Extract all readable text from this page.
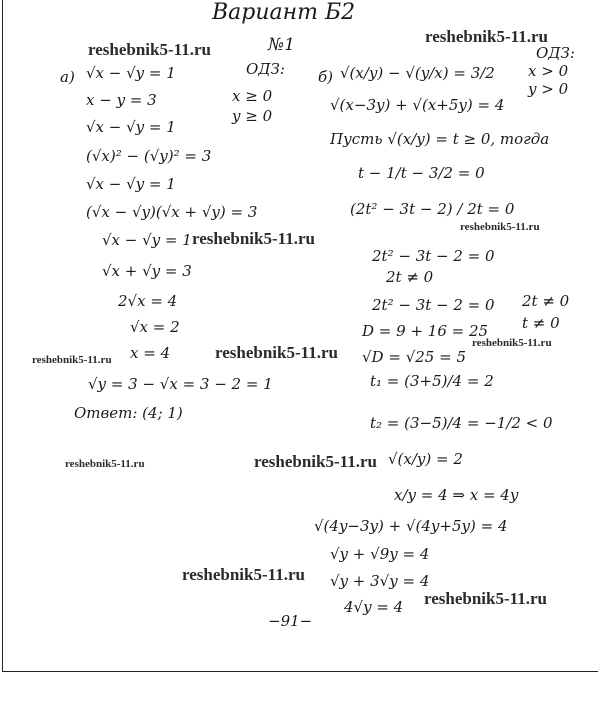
Вариант Б2
№1	reshebnik5-11.ru
reshebnik5-11.ru
reshebnik5-11.ru
reshebnik5-11.ru
reshebnik5-11.ru	reshebnik5-11.ru
reshebnik5-11.ru
reshebnik5-11.ru	reshebnik5-11.ru
reshebnik5-11.ru
reshebnik5-11.ru
а) √x − √y = 1
x − y = 3
√x − √y = 1
(√x)² − (√y)² = 3
√x − √y = 1
(√x − √y)(√x + √y) = 3
√x − √y = 1
√x + √y = 3
2√x = 4
√x = 2
x = 4
√y = 3 − √x = 3 − 2 = 1
Ответ: (4; 1)
ОДЗ:
x ≥ 0
y ≥ 0
б) √(x/y) − √(y/x) = 3/2
√(x−3y) + √(x+5y) = 4
Пусть √(x/y) = t ≥ 0, тогда
t − 1/t − 3/2 = 0
(2t² − 3t − 2) / 2t = 0
2t² − 3t − 2 = 0
2t ≠ 0
2t² − 3t − 2 = 0
D = 9 + 16 = 25
√D = √25 = 5
t₁ = (3+5)/4 = 2
t₂ = (3−5)/4 = −1/2 < 0
2t ≠ 0
t ≠ 0
ОДЗ:
x > 0
y > 0
√(x/y) = 2
x/y = 4 ⇒ x = 4y
√(4y−3y) + √(4y+5y) = 4
√y + √9y = 4
√y + 3√y = 4
4√y = 4
−91−
